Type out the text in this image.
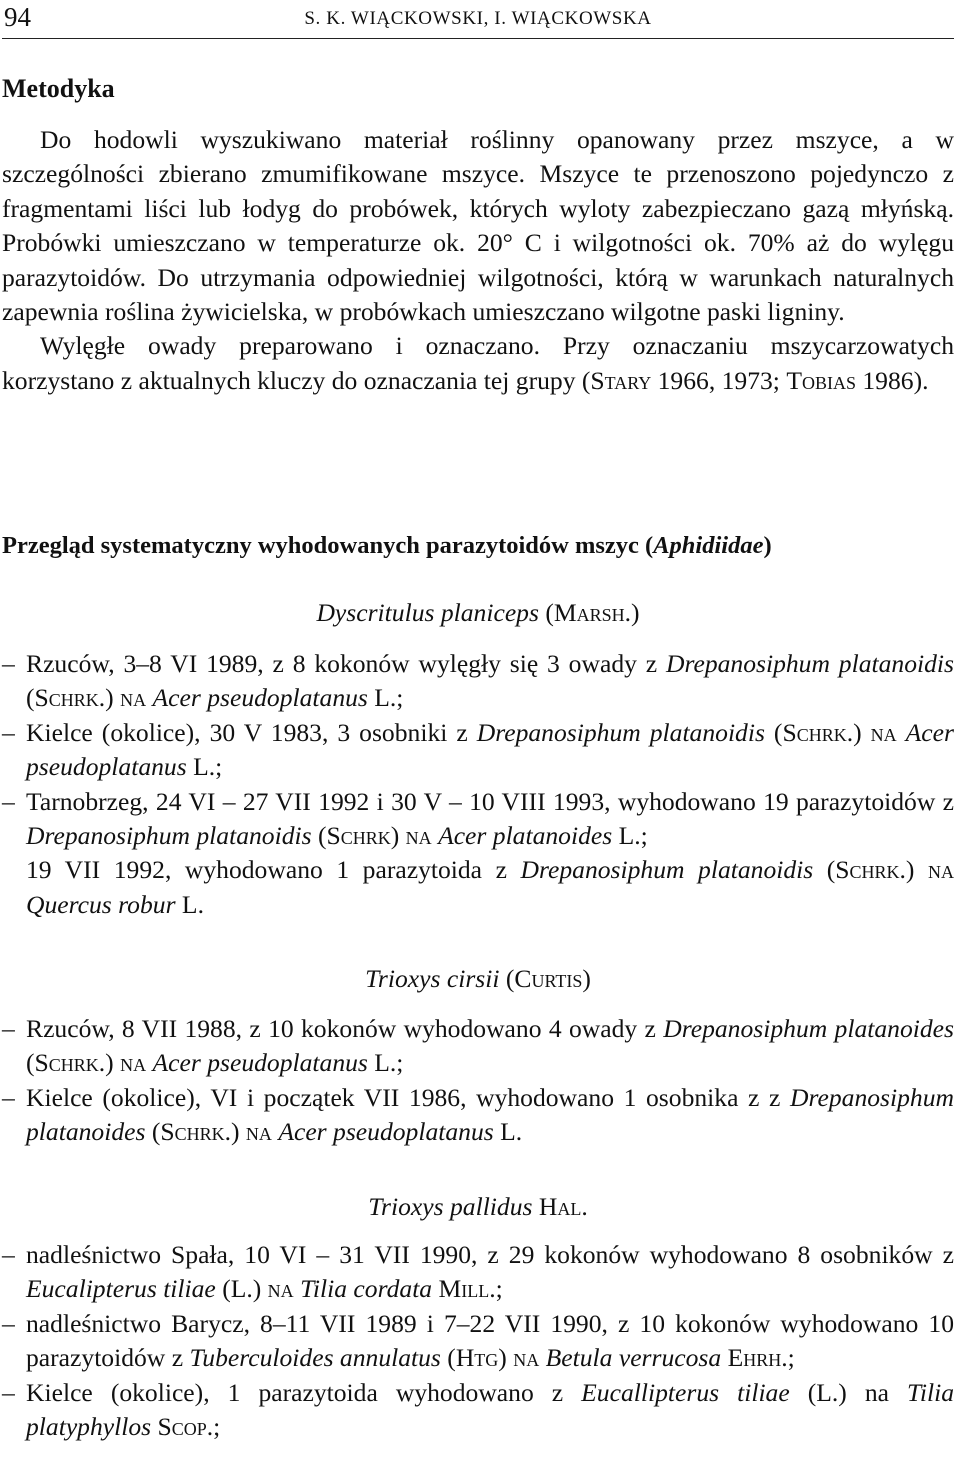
94	S. K. WIĄCKOWSKI, I. WIĄCKOWSKA
Metodyka

Do hodowli wyszukiwano materiał roślinny opanowany przez mszyce, a w szczególności zbierano zmumifikowane mszyce. Mszyce te przenoszono pojedynczo z fragmentami liści lub łodyg do probówek, których wyloty zabezpieczano gazą młyńską. Probówki umieszczano w temperaturze ok. 20° C i wilgotności ok. 70% aż do wylęgu parazytoidów. Do utrzymania odpowiedniej wilgotności, którą w warunkach naturalnych zapewnia roślina żywicielska, w probówkach umieszczano wilgotne paski ligniny.

Wylęgłe owady preparowano i oznaczano. Przy oznaczaniu mszycarzowatych korzystano z aktualnych kluczy do oznaczania tej grupy (Stary 1966, 1973; Tobias 1986).

Przegląd systematyczny wyhodowanych parazytoidów mszyc (Aphidiidae)
Dyscritulus planiceps (Marsh.)

– Rzuców, 3–8 VI 1989, z 8 kokonów wylęgły się 3 owady z Drepanosiphum platanoidis (Schrk.) na Acer pseudoplatanus L.;

– Kielce (okolice), 30 V 1983, 3 osobniki z Drepanosiphum platanoidis (Schrk.) na Acer pseudoplatanus L.;

– Tarnobrzeg, 24 VI – 27 VII 1992 i 30 V – 10 VIII 1993, wyhodowano 19 parazytoidów z Drepanosiphum platanoidis (Schrk) na Acer platanoides L.;

19 VII 1992, wyhodowano 1 parazytoida z Drepanosiphum platanoidis (Schrk.) na Quercus robur L.

Trioxys cirsii (Curtis)

– Rzuców, 8 VII 1988, z 10 kokonów wyhodowano 4 owady z Drepanosiphum platanoides (Schrk.) na Acer pseudoplatanus L.;

– Kielce (okolice), VI i początek VII 1986, wyhodowano 1 osobnika z z Drepanosiphum platanoides (Schrk.) na Acer pseudoplatanus L.

Trioxys pallidus Hal.

– nadleśnictwo Spała, 10 VI – 31 VII 1990, z 29 kokonów wyhodowano 8 osobników z Eucalipterus tiliae (L.) na Tilia cordata Mill.;

– nadleśnictwo Barycz, 8–11 VII 1989 i 7–22 VII 1990, z 10 kokonów wyhodowano 10 parazytoidów z Tuberculoides annulatus (Htg) na Betula verrucosa Ehrh.;

– Kielce (okolice), 1 parazytoida wyhodowano z Eucallipterus tiliae (L.) na Tilia platyphyllos Scop.;
